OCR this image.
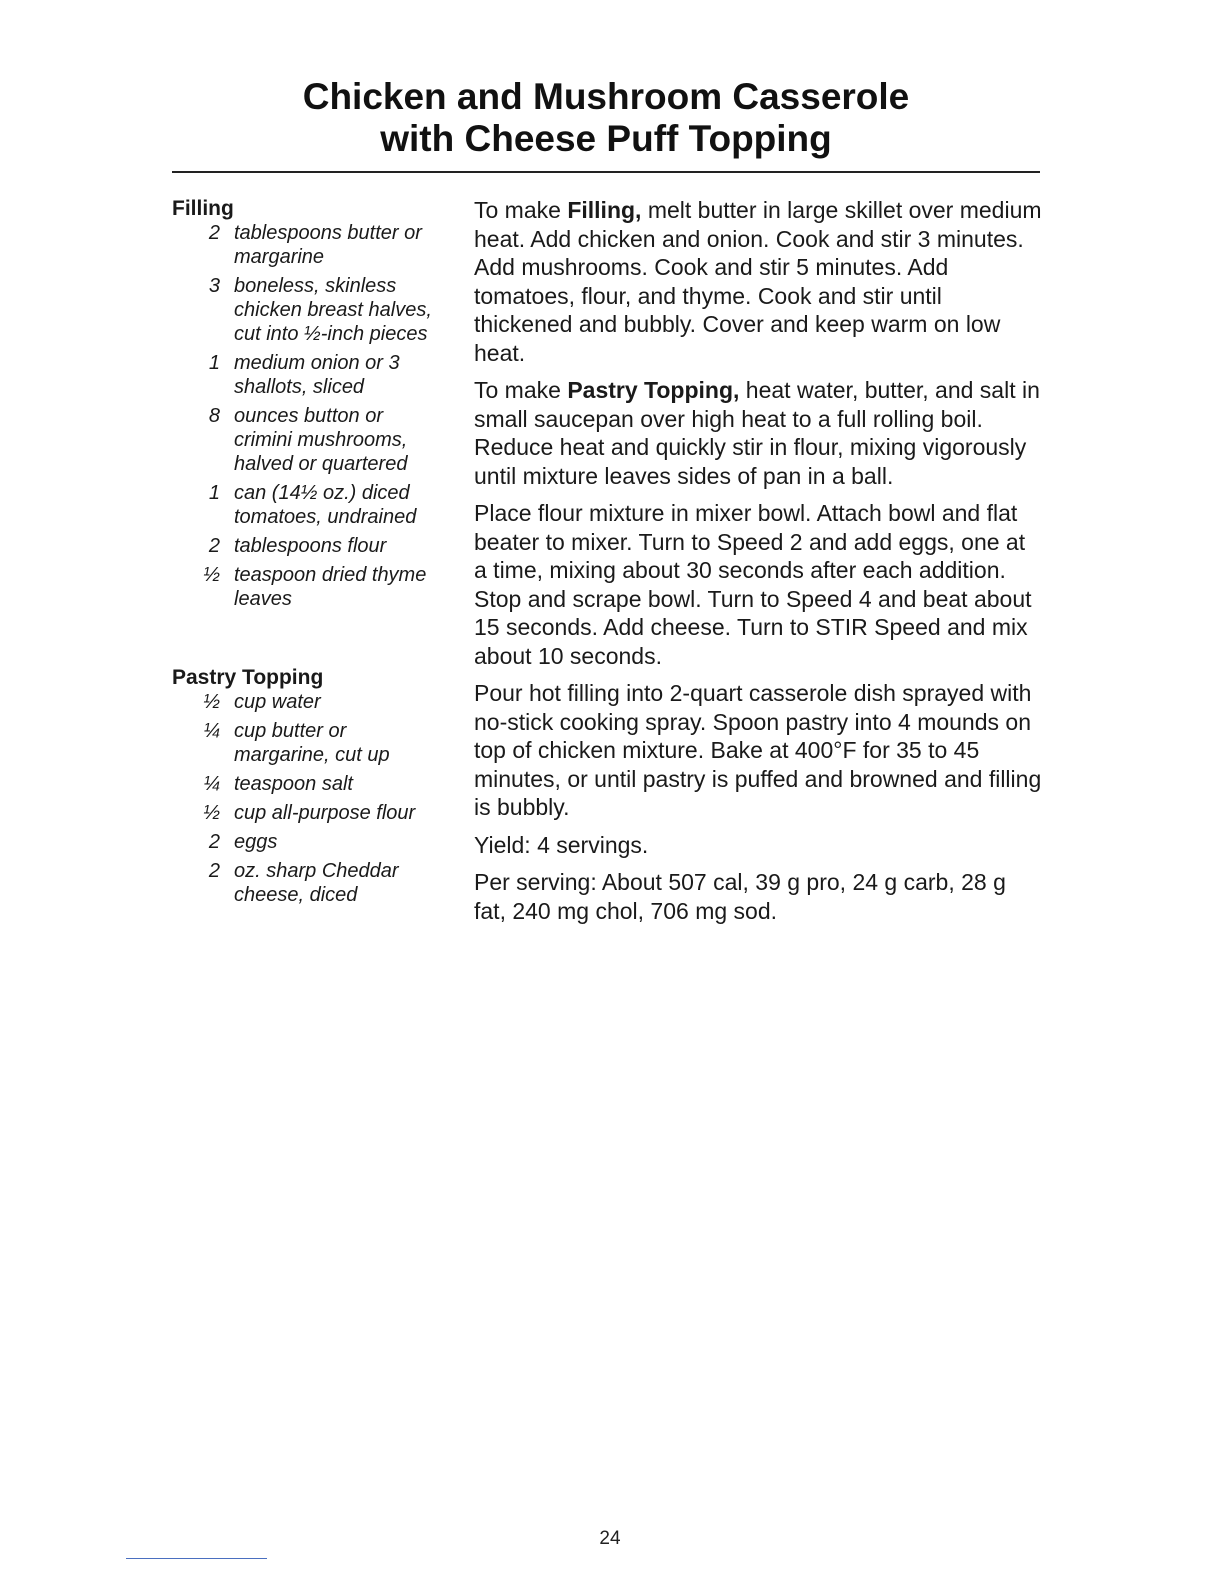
Chicken and Mushroom Casserole
with Cheese Puff Topping

Filling

2 tablespoons butter or margarine
3 boneless, skinless chicken breast halves, cut into ½-inch pieces
1 medium onion or 3 shallots, sliced
8 ounces button or crimini mushrooms, halved or quartered
1 can (14½ oz.) diced tomatoes, undrained
2 tablespoons flour
½ teaspoon dried thyme leaves

Pastry Topping

½ cup water
¼ cup butter or margarine, cut up
¼ teaspoon salt
½ cup all-purpose flour
2 eggs
2 oz. sharp Cheddar cheese, diced

To make Filling, melt butter in large skillet over medium heat. Add chicken and onion. Cook and stir 3 minutes. Add mushrooms. Cook and stir 5 minutes. Add tomatoes, flour, and thyme. Cook and stir until thickened and bubbly. Cover and keep warm on low heat.

To make Pastry Topping, heat water, butter, and salt in small saucepan over high heat to a full rolling boil. Reduce heat and quickly stir in flour, mixing vigorously until mixture leaves sides of pan in a ball.

Place flour mixture in mixer bowl. Attach bowl and flat beater to mixer. Turn to Speed 2 and add eggs, one at a time, mixing about 30 seconds after each addition. Stop and scrape bowl. Turn to Speed 4 and beat about 15 seconds. Add cheese. Turn to STIR Speed and mix about 10 seconds.

Pour hot filling into 2-quart casserole dish sprayed with no-stick cooking spray. Spoon pastry into 4 mounds on top of chicken mixture. Bake at 400°F for 35 to 45 minutes, or until pastry is puffed and browned and filling is bubbly.

Yield: 4 servings.

Per serving: About 507 cal, 39 g pro, 24 g carb, 28 g fat, 240 mg chol, 706 mg sod.

24
